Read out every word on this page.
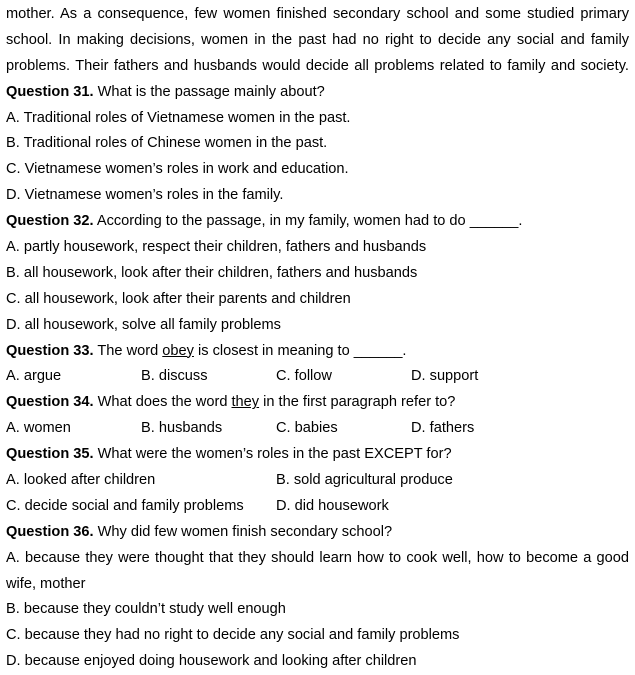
mother. As a consequence, few women finished secondary school and some studied primary
school. In making decisions, women in the past had no right to decide any social and family
problems. Their fathers and husbands would decide all problems related to family and society.
Question 31. What is the passage mainly about?
A. Traditional roles of Vietnamese women in the past.
B. Traditional roles of Chinese women in the past.
C. Vietnamese women’s roles in work and education.
D. Vietnamese women’s roles in the family.
Question 32. According to the passage, in my family, women had to do ______.
A. partly housework, respect their children, fathers and husbands
B. all housework, look after their children, fathers and husbands
C. all housework, look after their parents and children
D. all housework, solve all family problems
Question 33. The word obey is closest in meaning to ______.
A. argue	B. discuss	C. follow	D. support
Question 34. What does the word they in the first paragraph refer to?
A. women	B. husbands	C. babies	D. fathers
Question 35. What were the women’s roles in the past EXCEPT for?
A. looked after children	B. sold agricultural produce
C. decide social and family problems	D. did housework
Question 36. Why did few women finish secondary school?
A. because they were thought that they should learn how to cook well, how to become a good
wife, mother
B. because they couldn’t study well enough
C. because they had no right to decide any social and family problems
D. because enjoyed doing housework and looking after children
